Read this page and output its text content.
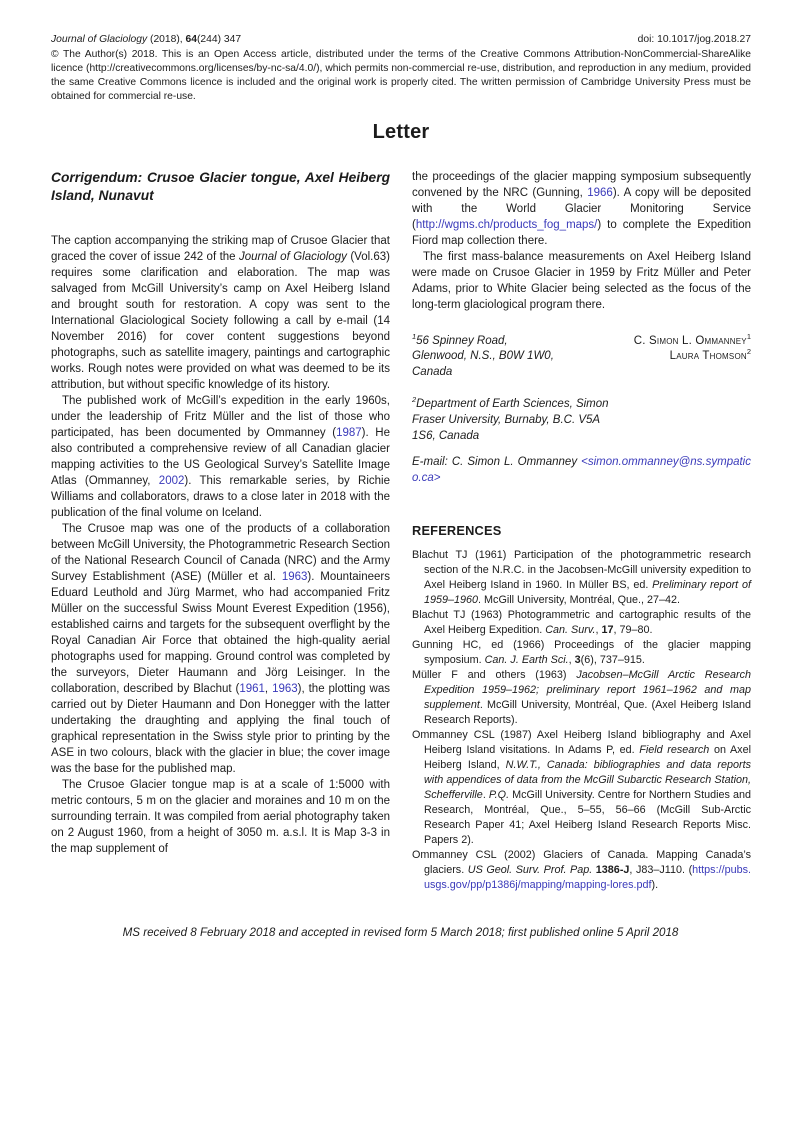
Journal of Glaciology (2018), 64(244) 347	doi: 10.1017/jog.2018.27
© The Author(s) 2018. This is an Open Access article, distributed under the terms of the Creative Commons Attribution-NonCommercial-ShareAlike licence (http://creativecommons.org/licenses/by-nc-sa/4.0/), which permits non-commercial re-use, distribution, and reproduction in any medium, provided the same Creative Commons licence is included and the original work is properly cited. The written permission of Cambridge University Press must be obtained for commercial re-use.
Letter
Corrigendum: Crusoe Glacier tongue, Axel Heiberg Island, Nunavut

The caption accompanying the striking map of Crusoe Glacier that graced the cover of issue 242 of the Journal of Glaciology (Vol.63) requires some clarification and elaboration. The map was salvaged from McGill University’s camp on Axel Heiberg Island and brought south for restoration. A copy was sent to the International Glaciological Society following a call by e-mail (14 November 2016) for cover content suggestions beyond photographs, such as satellite imagery, paintings and cartographic works. Rough notes were provided on what was deemed to be its attribution, but without specific knowledge of its history.

The published work of McGill’s expedition in the early 1960s, under the leadership of Fritz Müller and the list of those who participated, has been documented by Ommanney (1987). He also contributed a comprehensive review of all Canadian glacier mapping activities to the US Geological Survey’s Satellite Image Atlas (Ommanney, 2002). This remarkable series, by Richie Williams and collaborators, draws to a close later in 2018 with the publication of the final volume on Iceland.

The Crusoe map was one of the products of a collaboration between McGill University, the Photogrammetric Research Section of the National Research Council of Canada (NRC) and the Army Survey Establishment (ASE) (Müller et al. 1963). Mountaineers Eduard Leuthold and Jürg Marmet, who had accompanied Fritz Müller on the successful Swiss Mount Everest Expedition (1956), established cairns and targets for the subsequent overflight by the Royal Canadian Air Force that obtained the high-quality aerial photographs used for mapping. Ground control was completed by the surveyors, Dieter Haumann and Jörg Leisinger. In the collaboration, described by Blachut (1961, 1963), the plotting was carried out by Dieter Haumann and Don Honegger with the latter undertaking the draughting and applying the final touch of graphical representation in the Swiss style prior to printing by the ASE in two colours, black with the glacier in blue; the cover image was the base for the published map.

The Crusoe Glacier tongue map is at a scale of 1:5000 with metric contours, 5 m on the glacier and moraines and 10 m on the surrounding terrain. It was compiled from aerial photography taken on 2 August 1960, from a height of 3050 m. a.s.l. It is Map 3-3 in the map supplement of

the proceedings of the glacier mapping symposium subsequently convened by the NRC (Gunning, 1966). A copy will be deposited with the World Glacier Monitoring Service (http://wgms.ch/products_fog_maps/) to complete the Expedition Fiord map collection there.

The first mass-balance measurements on Axel Heiberg Island were made on Crusoe Glacier in 1959 by Fritz Müller and Peter Adams, prior to White Glacier being selected as the focus of the long-term glaciological program there.

$^1$56 Spinney Road,
Glenwood, N.S., B0W 1W0,
Canada
C. Simon L. Ommanney$^1$
Laura Thomson$^2$
$^2$Department of Earth Sciences, Simon
Fraser University, Burnaby, B.C. V5A
1S6, Canada

E-mail: C. Simon L. Ommanney <simon.ommanney@ns.sympatico.ca>

REFERENCES

Blachut TJ (1961) Participation of the photogrammetric research section of the N.R.C. in the Jacobsen-McGill university expedition to Axel Heiberg Island in 1960. In Müller BS, ed. Preliminary report of 1959–1960. McGill University, Montréal, Que., 27–42.

Blachut TJ (1963) Photogrammetric and cartographic results of the Axel Heiberg Expedition. Can. Surv., 17, 79–80.

Gunning HC, ed (1966) Proceedings of the glacier mapping symposium. Can. J. Earth Sci., 3(6), 737–915.

Müller F and others (1963) Jacobsen–McGill Arctic Research Expedition 1959–1962; preliminary report 1961–1962 and map supplement. McGill University, Montréal, Que. (Axel Heiberg Island Research Reports).

Ommanney CSL (1987) Axel Heiberg Island bibliography and Axel Heiberg Island visitations. In Adams P, ed. Field research on Axel Heiberg Island, N.W.T., Canada: bibliographies and data reports with appendices of data from the McGill Subarctic Research Station, Schefferville. P.Q. McGill University. Centre for Northern Studies and Research, Montréal, Que., 5–55, 56–66 (McGill Sub-Arctic Research Paper 41; Axel Heiberg Island Research Reports Misc. Papers 2).

Ommanney CSL (2002) Glaciers of Canada. Mapping Canada’s glaciers. US Geol. Surv. Prof. Pap. 1386-J, J83–J110. (https://pubs.usgs.gov/pp/p1386j/mapping/mapping-lores.pdf).

MS received 8 February 2018 and accepted in revised form 5 March 2018; first published online 5 April 2018
